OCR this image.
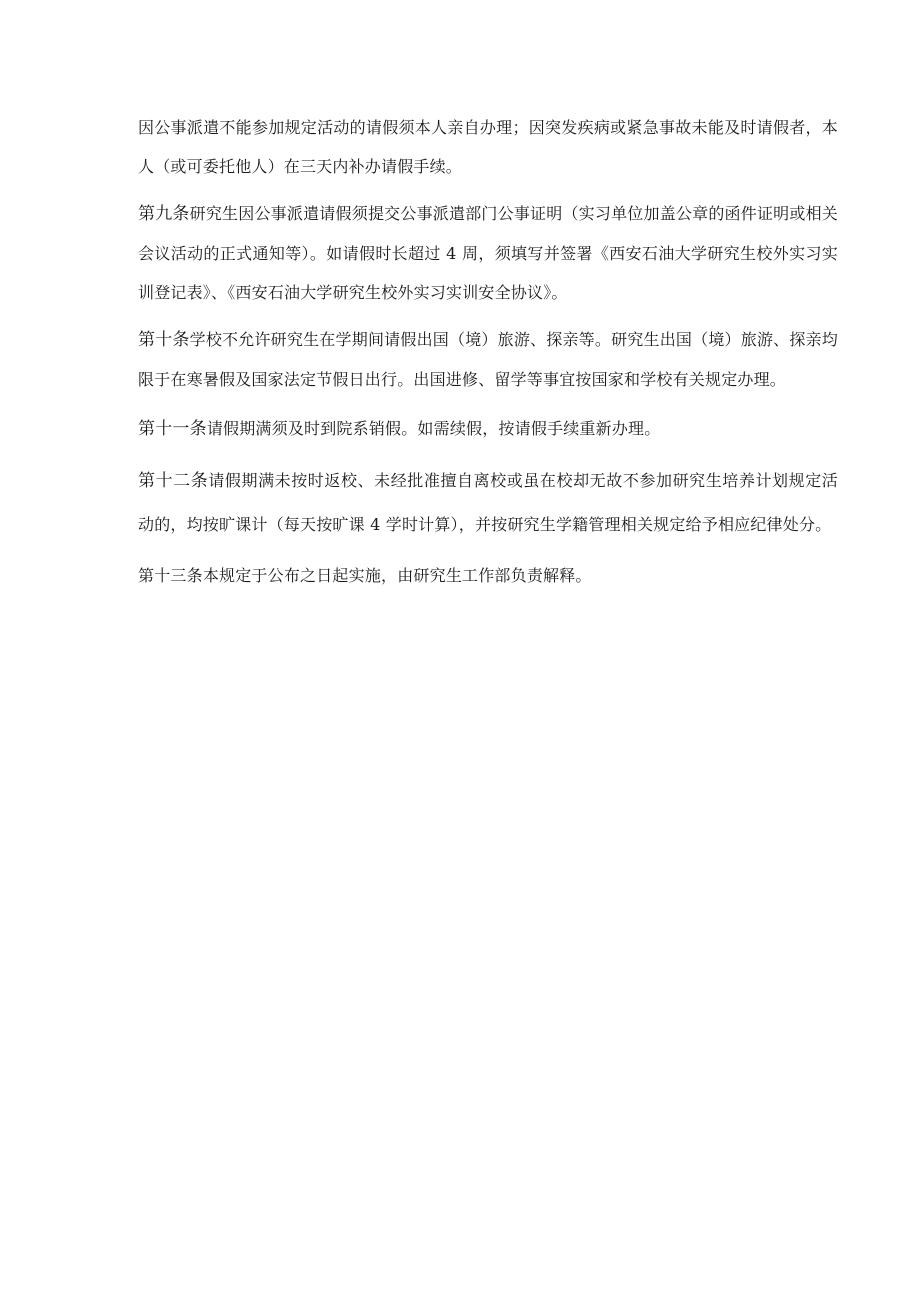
因公事派遣不能参加规定活动的请假须本人亲自办理；因突发疾病或紧急事故未能及时请假者，本人（或可委托他人）在三天内补办请假手续。

第九条研究生因公事派遣请假须提交公事派遣部门公事证明（实习单位加盖公章的函件证明或相关会议活动的正式通知等）。如请假时长超过 4 周，须填写并签署《西安石油大学研究生校外实习实训登记表》、《西安石油大学研究生校外实习实训安全协议》。

第十条学校不允许研究生在学期间请假出国（境）旅游、探亲等。研究生出国（境）旅游、探亲均限于在寒暑假及国家法定节假日出行。出国进修、留学等事宜按国家和学校有关规定办理。

第十一条请假期满须及时到院系销假。如需续假，按请假手续重新办理。

第十二条请假期满未按时返校、未经批准擅自离校或虽在校却无故不参加研究生培养计划规定活动的，均按旷课计（每天按旷课 4 学时计算），并按研究生学籍管理相关规定给予相应纪律处分。

第十三条本规定于公布之日起实施，由研究生工作部负责解释。
